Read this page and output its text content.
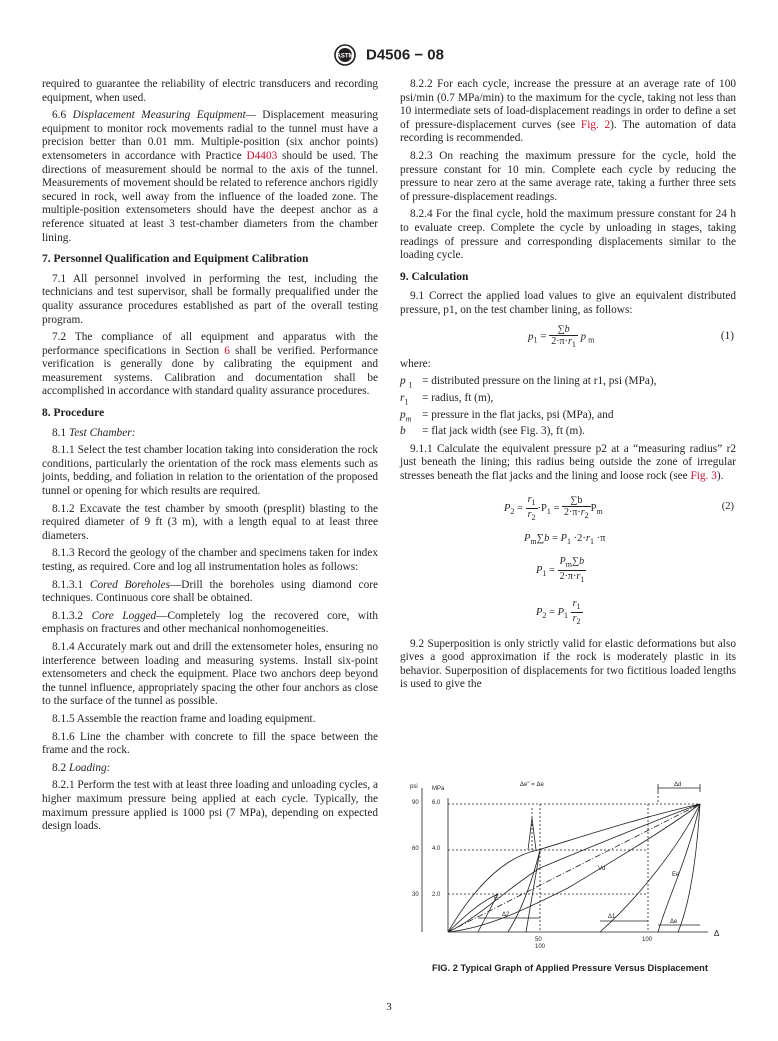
ASTM D4506 − 08

required to guarantee the reliability of electric transducers and recording equipment, when used.

6.6 Displacement Measuring Equipment— Displacement measuring equipment to monitor rock movements radial to the tunnel must have a precision better than 0.01 mm. Multiple-position (six anchor points) extensometers in accordance with Practice D4403 should be used. The directions of measurement should be normal to the axis of the tunnel. Measurements of movement should be related to reference anchors rigidly secured in rock, well away from the influence of the loaded zone. The multiple-position extensometers should have the deepest anchor as a reference situated at least 3 test-chamber diameters from the chamber lining.

7. Personnel Qualification and Equipment Calibration

7.1 All personnel involved in performing the test, including the technicians and test supervisor, shall be formally prequalified under the quality assurance procedures established as part of the overall testing program.

7.2 The compliance of all equipment and apparatus with the performance specifications in Section 6 shall be verified. Performance verification is generally done by calibrating the equipment and measurement systems. Calibration and documentation shall be accomplished in accordance with standard quality assurance procedures.

8. Procedure

8.1 Test Chamber:

8.1.1 Select the test chamber location taking into consideration the rock conditions, particularly the orientation of the rock mass elements such as joints, bedding, and foliation in relation to the orientation of the proposed tunnel or opening for which results are required.

8.1.2 Excavate the test chamber by smooth (presplit) blasting to the required diameter of 9 ft (3 m), with a length equal to at least three diameters.

8.1.3 Record the geology of the chamber and specimens taken for index testing, as required. Core and log all instrumentation holes as follows:

8.1.3.1 Cored Boreholes—Drill the boreholes using diamond core techniques. Continuous core shall be obtained.

8.1.3.2 Core Logged—Completely log the recovered core, with emphasis on fractures and other mechanical nonhomogeneities.

8.1.4 Accurately mark out and drill the extensometer holes, ensuring no interference between loading and measuring systems. Install six-point extensometers and check the equipment. Place two anchors deep beyond the tunnel influence, appropriately spacing the other four anchors as close to the surface of the tunnel as possible.

8.1.5 Assemble the reaction frame and loading equipment.

8.1.6 Line the chamber with concrete to fill the space between the frame and the rock.

8.2 Loading:

8.2.1 Perform the test with at least three loading and unloading cycles, a higher maximum pressure being applied at each cycle. Typically, the maximum pressure applied is 1000 psi (7 MPa), depending on expected design loads.

8.2.2 For each cycle, increase the pressure at an average rate of 100 psi/min (0.7 MPa/min) to the maximum for the cycle, taking not less than 10 intermediate sets of load-displacement readings in order to define a set of pressure-displacement curves (see Fig. 2). The automation of data recording is recommended.

8.2.3 On reaching the maximum pressure for the cycle, hold the pressure constant for 10 min. Complete each cycle by reducing the pressure to near zero at the same average rate, taking a further three sets of pressure-displacement readings.

8.2.4 For the final cycle, hold the maximum pressure constant for 24 h to evaluate creep. Complete the cycle by unloading in stages, taking readings of pressure and corresponding displacements similar to the loading cycle.

9. Calculation

9.1 Correct the applied load values to give an equivalent distributed pressure, p1, on the test chamber lining, as follows:

$p_1 = \frac{\sum b}{2\cdot\pi\cdot r_1}$ p $_m$	(1)

where:

p $_1$	= distributed pressure on the lining at r1, psi (MPa),
$r_1$	= radius, ft (m),
$p_m$	= pressure in the flat jacks, psi (MPa), and
b	= flat jack width (see Fig. 3), ft (m).

9.1.1 Calculate the equivalent pressure p2 at a “measuring radius” r2 just beneath the lining; this radius being outside the zone of irregular stresses beneath the flat jacks and the lining and loose rock (see Fig. 3).

$P_2 = \frac{r_1}{r_2} \cdot P_1 = \frac{\sum b}{2\cdot\pi\cdot r_2} P_m$	(2)
$P_m\sum b = P_1 \cdot 2\cdot r_1 \cdot\pi$
$P_1 = \frac{P_m\sum b}{2\cdot\pi\cdot r_1}$
$P_2 = P_1 \frac{r_1}{r_2}$

9.2 Superposition is only strictly valid for elastic deformations but also gives a good approximation if the rock is moderately plastic in its behavior. Superposition of displacements for two fictitious loaded lengths is used to give the

90
60
30
6.0
4.0
2.0
psi MPa
50
100
100
Δ
Δd
Δe'' = Δe
Δ1
Δ2
Δe
Vd
Ee
E
FIG. 2 Typical Graph of Applied Pressure Versus Displacement
3
